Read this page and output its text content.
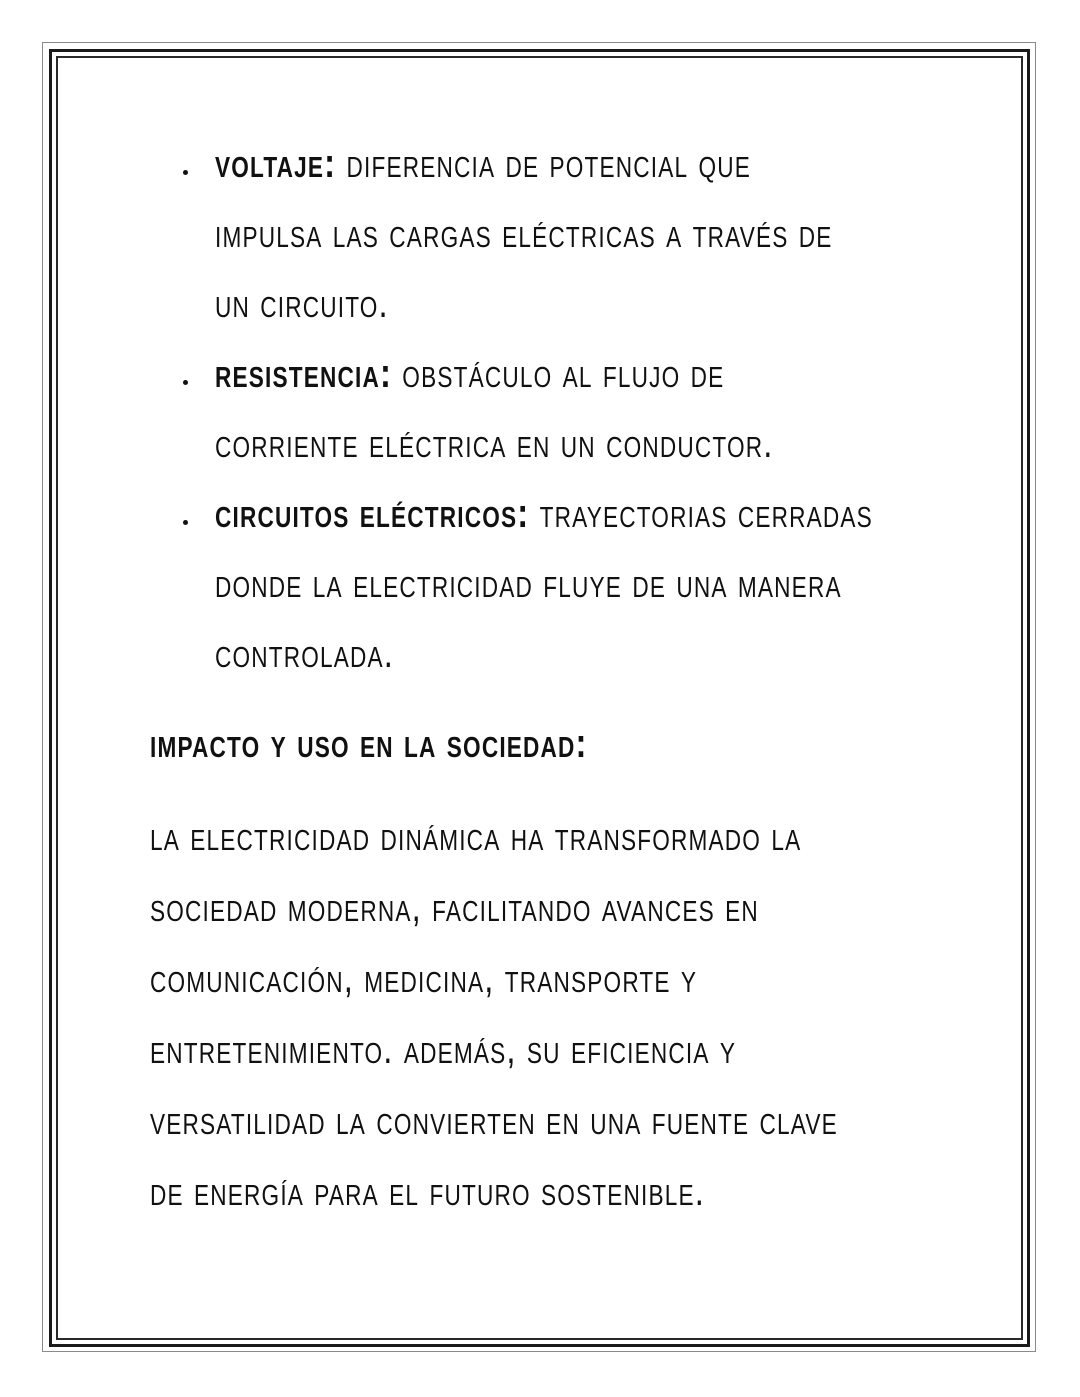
voltaje: diferencia de potencial que
impulsa las cargas eléctricas a través de
un circuito.
resistencia: obstáculo al flujo de
corriente eléctrica en un conductor.
circuitos eléctricos: trayectorias cerradas
donde la electricidad fluye de una manera
controlada.
impacto y uso en la sociedad:
la electricidad dinámica ha transformado la
sociedad moderna, facilitando avances en
comunicación, medicina, transporte y
entretenimiento. además, su eficiencia y
versatilidad la convierten en una fuente clave
de energía para el futuro sostenible.
